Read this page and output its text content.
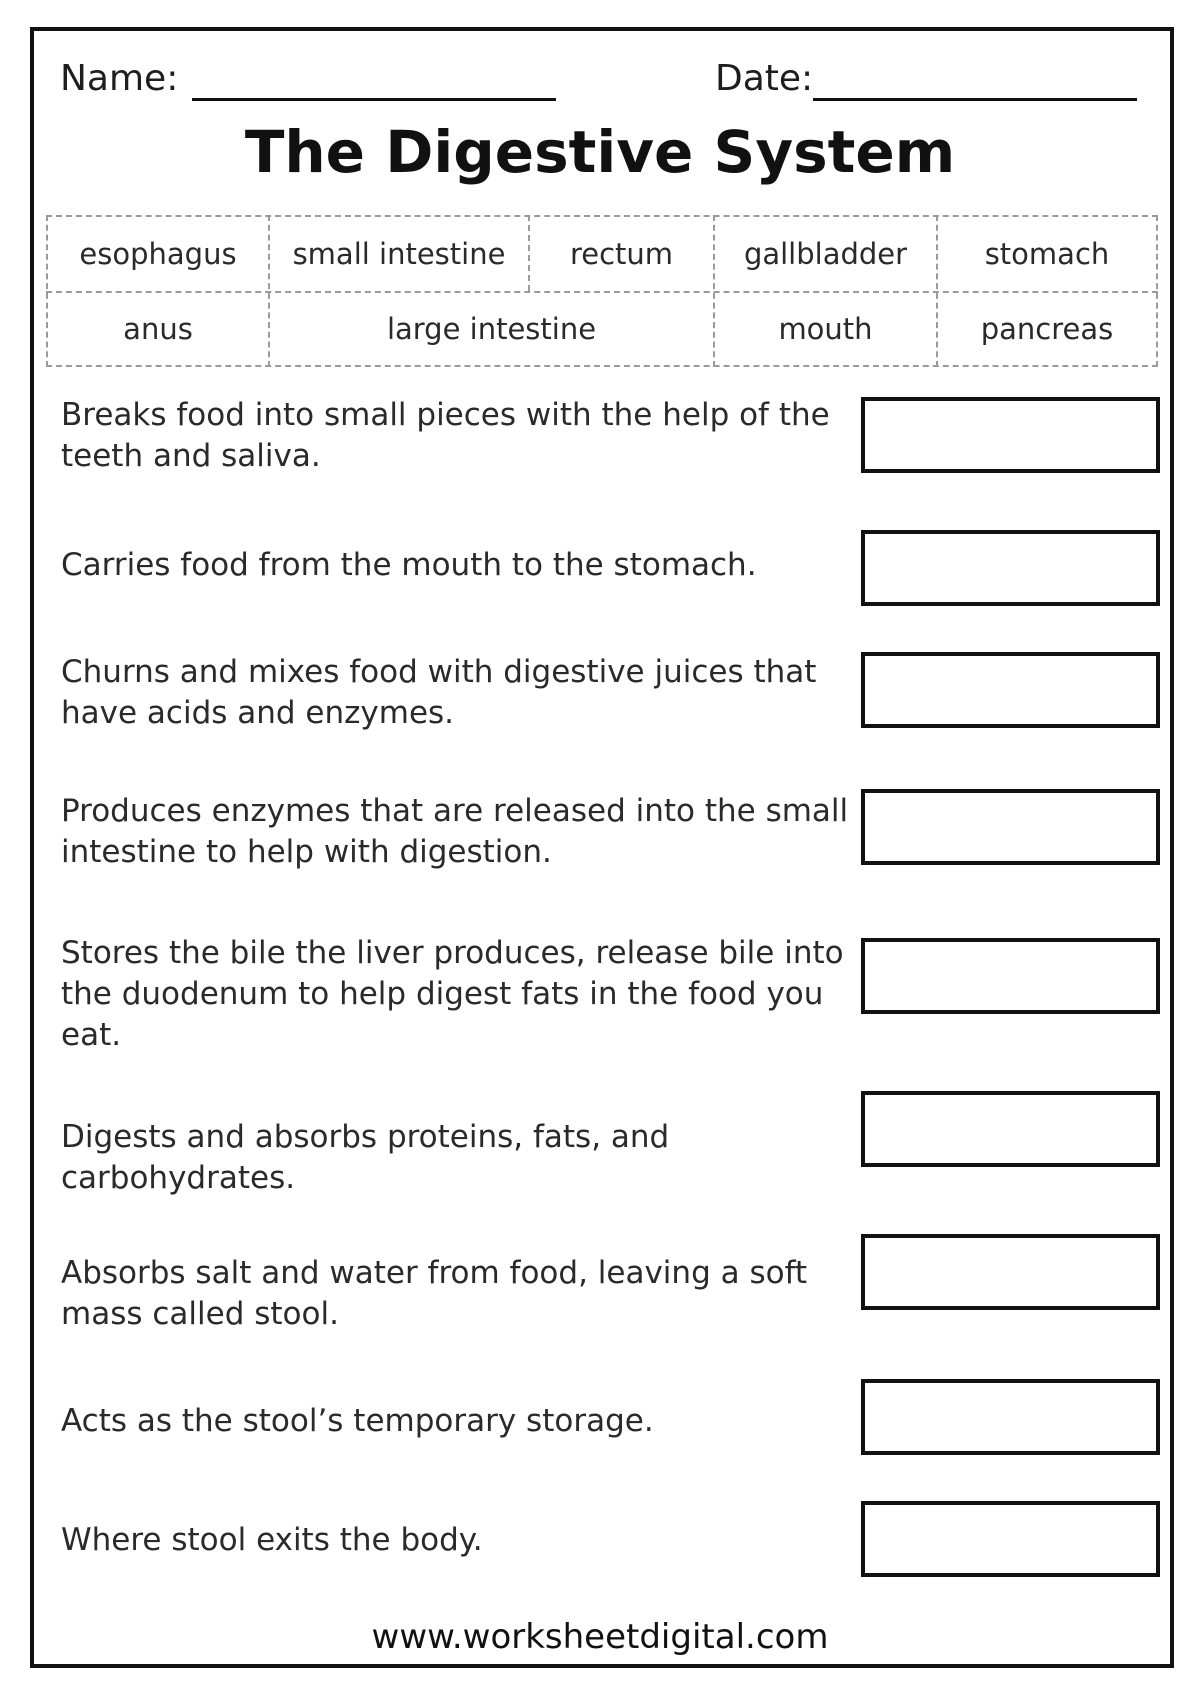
Name:	Date:
The Digestive System
esophagus	small intestine	rectum	gallbladder	stomach
anus	large intestine	mouth	pancreas
Breaks food into small pieces with the help of the teeth and saliva.
Carries food from the mouth to the stomach.
Churns and mixes food with digestive juices that have acids and enzymes.
Produces enzymes that are released into the small intestine to help with digestion.
Stores the bile the liver produces, release bile into the duodenum to help digest fats in the food you eat.
Digests and absorbs proteins, fats, and carbohydrates.
Absorbs salt and water from food, leaving a soft mass called stool.
Acts as the stool’s temporary storage.
Where stool exits the body.
www.worksheetdigital.com
